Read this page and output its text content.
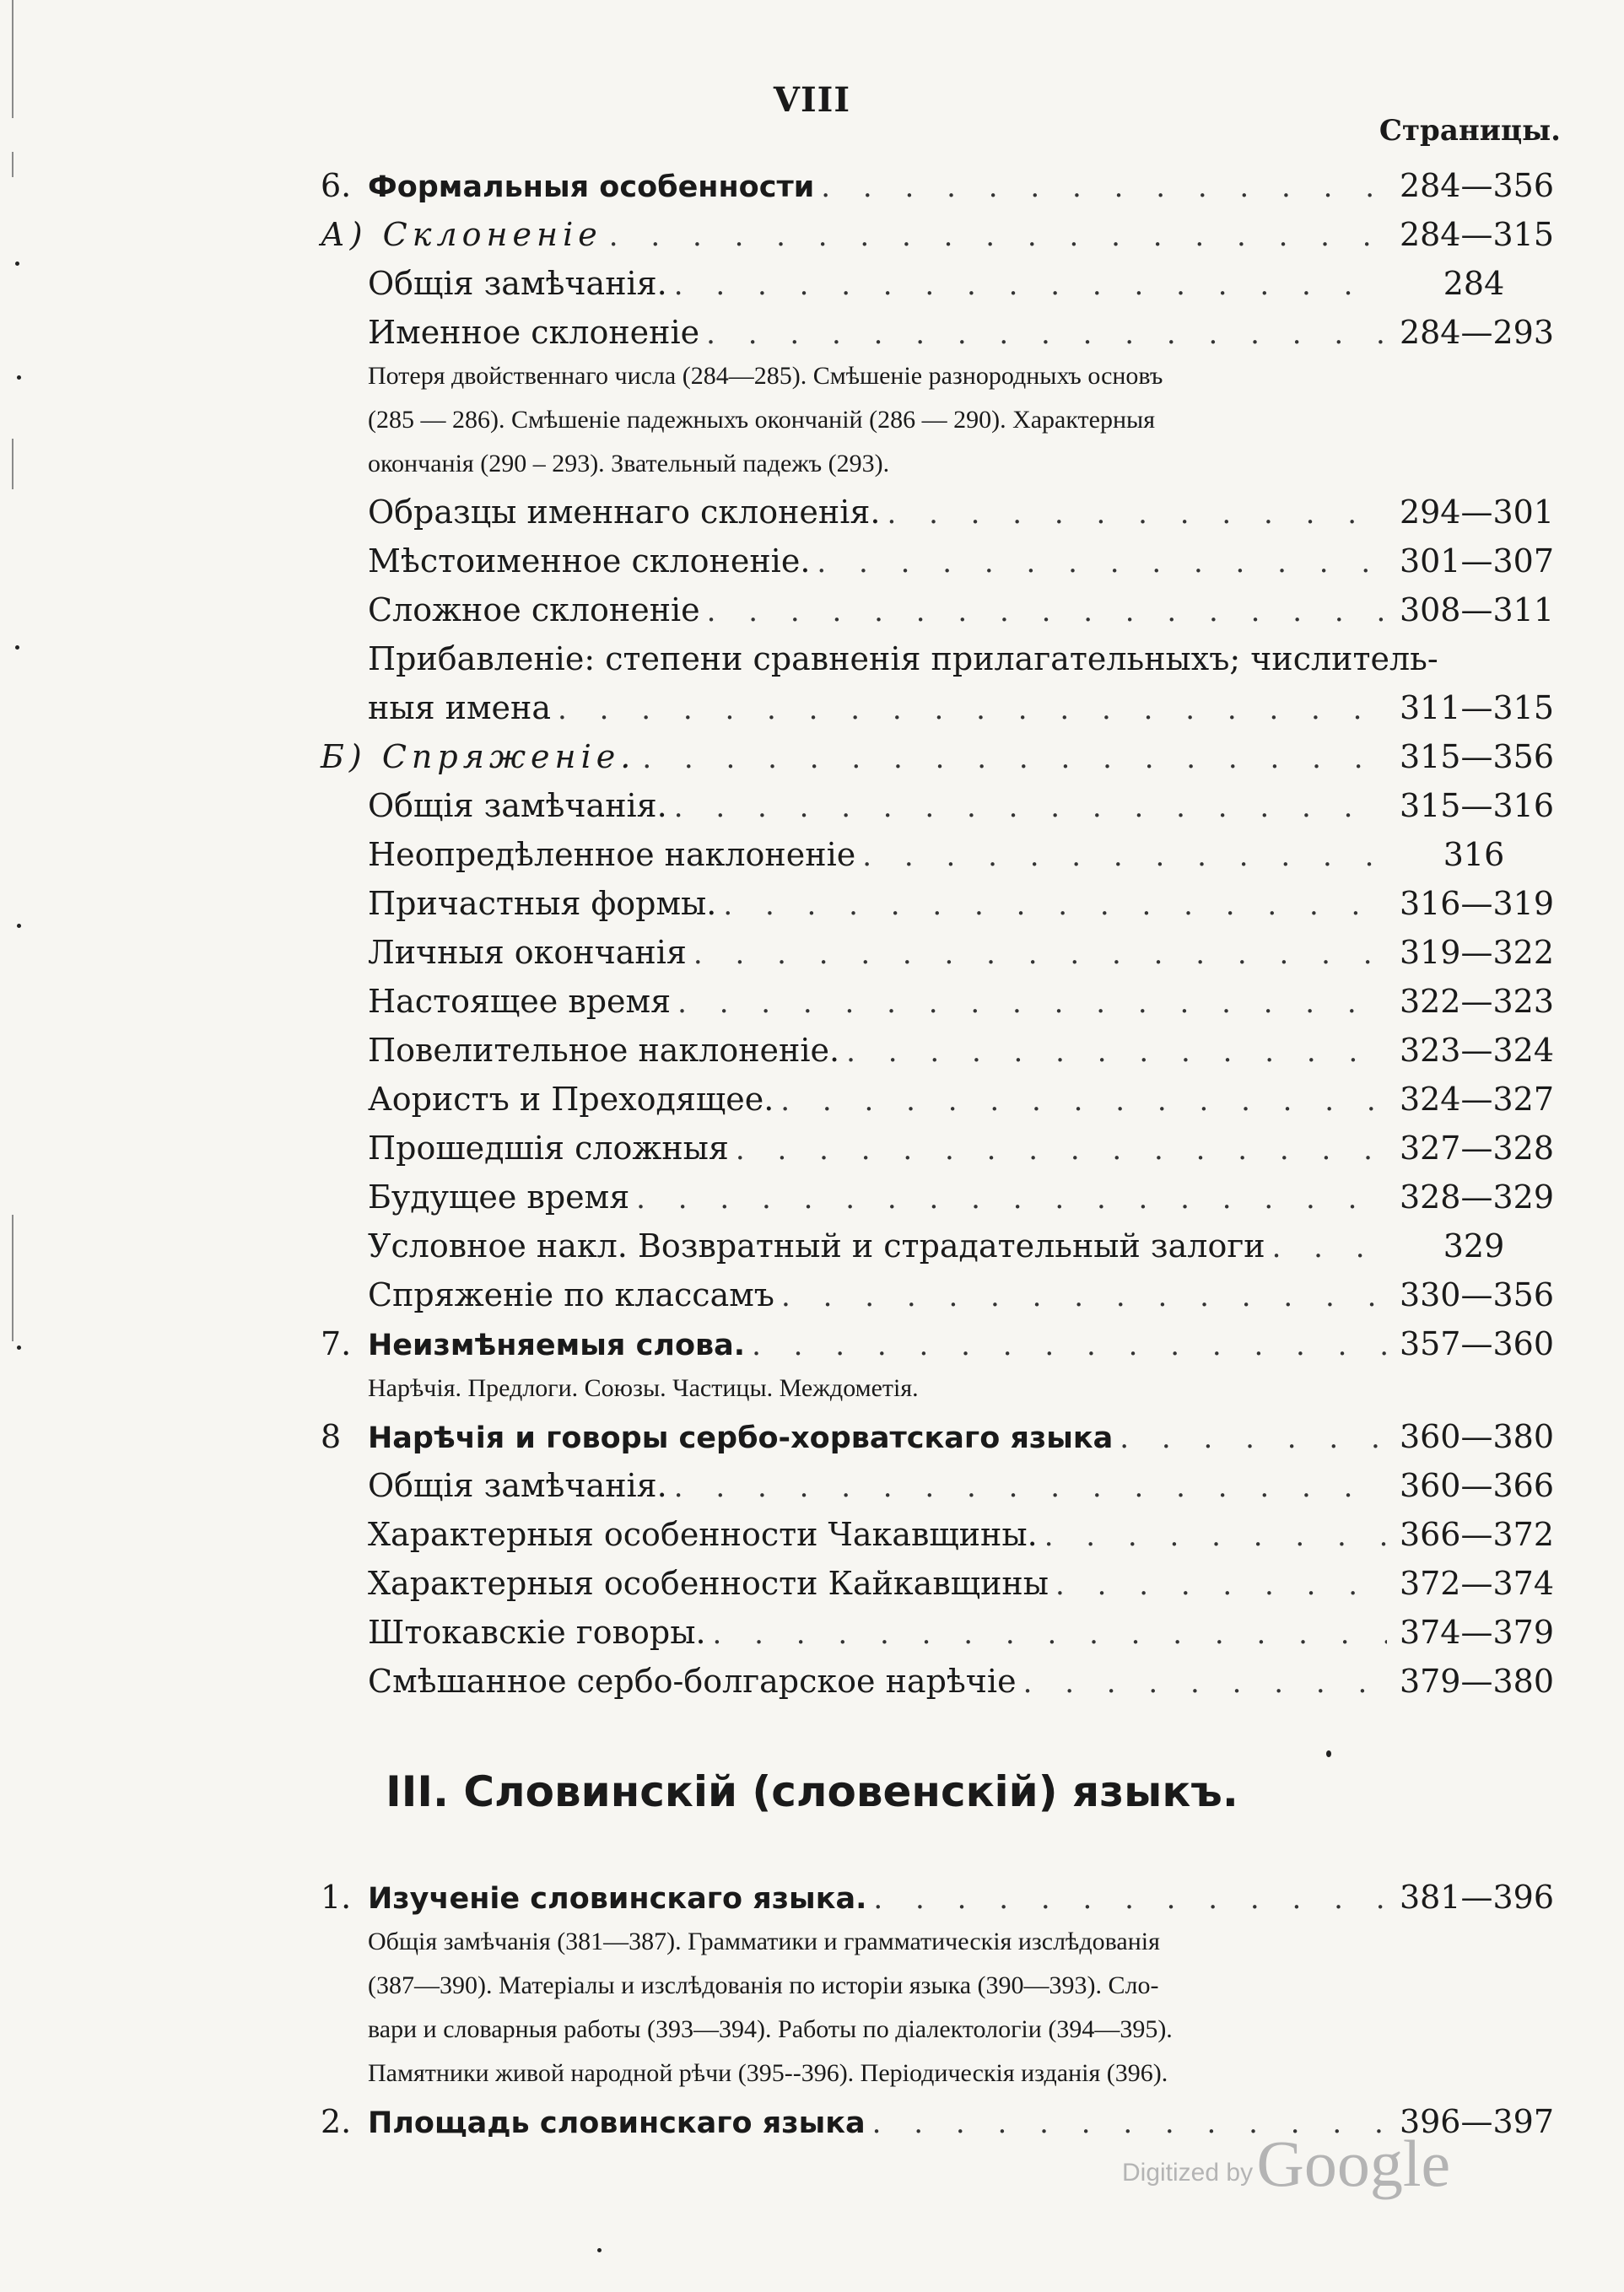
VIII
Страницы.
6. Формальныя особенности . . .	284—356
А) Склоненіе . . .	284—315
Общія замѣчанія. . . .	284
Именное склоненіе . . .	284—293
Потеря двойственнаго числа (284—285). Смѣшеніе разнородныхъ основъ
(285 — 286). Смѣшеніе падежныхъ окончаній (286 — 290). Характерныя
окончанія (290 – 293). Звательный падежъ (293).
Образцы именнаго склоненія. . . .	294—301
Мѣстоименное склоненіе. . . .	301—307
Сложное склоненіе . . .	308—311
Прибавленіе: степени сравненія прилагательныхъ; числитель-
ныя имена . . .	311—315
Б) Спряженіе. . . .	315—356
Общія замѣчанія. . . .	315—316
Неопредѣленное наклоненіе . . .	316
Причастныя формы. . . .	316—319
Личныя окончанія . . .	319—322
Настоящее время . . .	322—323
Повелительное наклоненіе. . . .	323—324
Аористъ и Преходящее. . . .	324—327
Прошедшія сложныя . . .	327—328
Будущее время . . .	328—329
Условное накл. Возвратный и страдательный залоги . . .	329
Спряженіе по классамъ . . .	330—356
7. Неизмѣняемыя слова. . . .	357—360
Нарѣчія. Предлоги. Союзы. Частицы. Междометія.
8 Нарѣчія и говоры сербо-хорватскаго языка . . .	360—380
Общія замѣчанія. . . .	360—366
Характерныя особенности Чакавщины. . . .	366—372
Характерныя особенности Кайкавщины . . .	372—374
Штокавскіе говоры. . . .	374—379
Смѣшанное сербо-болгарское нарѣчіе . . .	379—380
III. Словинскій (словенскій) языкъ.
1. Изученіе словинскаго языка. . . .	381—396
Общія замѣчанія (381—387). Грамматики и грамматическія изслѣдованія
(387—390). Матеріалы и изслѣдованія по исторіи языка (390—393). Сло-
вари и словарныя работы (393—394). Работы по діалектологіи (394—395).
Памятники живой народной рѣчи (395--396). Періодическія изданія (396).
2. Площадь словинскаго языка . . .	396—397
Digitized by Google
